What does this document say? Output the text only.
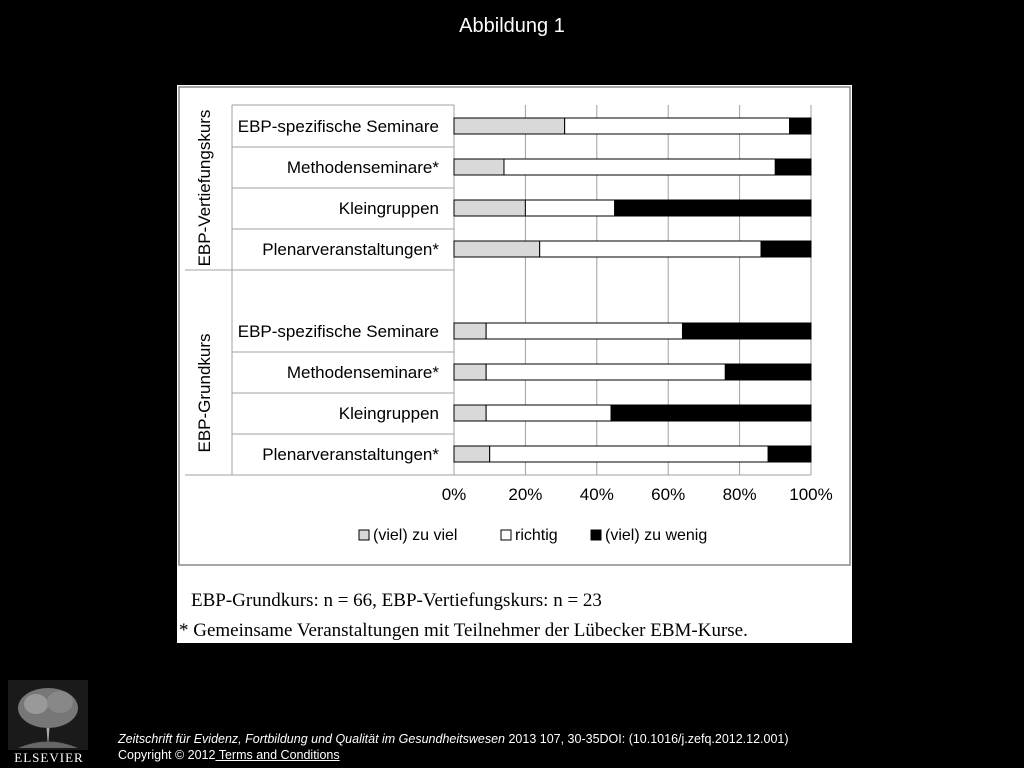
Abbildung 1
0% 20% 40% 60% 80% 100%
EBP-Vertiefungskurs
EBP-Grundkurs
EBP-spezifische Seminare
Methodenseminare*
Kleingruppen
Plenarveranstaltungen*
EBP-spezifische Seminare
Methodenseminare*
Kleingruppen
Plenarveranstaltungen*
(viel) zu viel	richtig	(viel) zu wenig
EBP-Grundkurs: n = 66, EBP-Vertiefungskurs: n = 23
* Gemeinsame Veranstaltungen mit Teilnehmer der Lübecker EBM-Kurse.
ELSEVIER
Zeitschrift für Evidenz, Fortbildung und Qualität im Gesundheitswesen 2013 107, 30-35DOI: (10.1016/j.zefq.2012.12.001)
Copyright © 2012 Terms and Conditions
